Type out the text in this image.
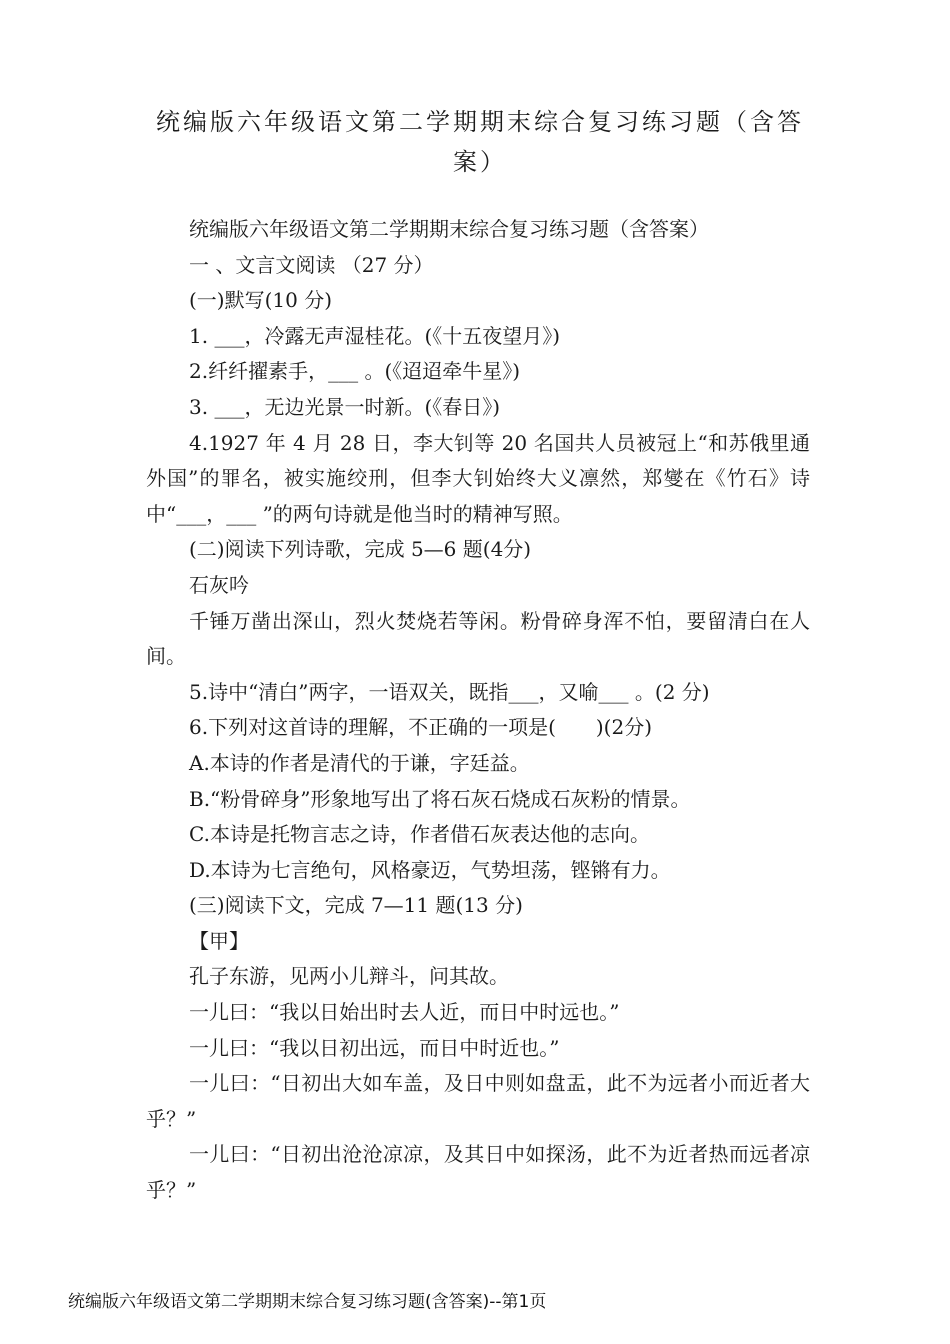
统编版六年级语文第二学期期末综合复习练习题（含答案）

统编版六年级语文第二学期期末综合复习练习题（含答案）

一 、文言文阅读 （27 分）

(一)默写(10 分)

1. ___，冷露无声湿桂花。(《十五夜望月》)

2.纤纤擢素手，___ 。(《迢迢牵牛星》)

3. ___，无边光景一时新。(《春日》)

4.1927 年 4 月 28 日，李大钊等 20 名国共人员被冠上“和苏俄里通外国”的罪名，被实施绞刑，但李大钊始终大义凛然，郑燮在《竹石》诗中“___，___ ”的两句诗就是他当时的精神写照。

(二)阅读下列诗歌，完成 5—6 题(4分)

石灰吟

千锤万凿出深山，烈火焚烧若等闲。粉骨碎身浑不怕，要留清白在人间。

5.诗中“清白”两字，一语双关，既指___，又喻___ 。(2 分)

6.下列对这首诗的理解，不正确的一项是(　　)(2分)

A.本诗的作者是清代的于谦，字廷益。

B.“粉骨碎身”形象地写出了将石灰石烧成石灰粉的情景。

C.本诗是托物言志之诗，作者借石灰表达他的志向。

D.本诗为七言绝句，风格豪迈，气势坦荡，铿锵有力。

(三)阅读下文，完成 7—11 题(13 分)

【甲】

孔子东游，见两小儿辩斗，问其故。

一儿曰：“我以日始出时去人近，而日中时远也。”

一儿曰：“我以日初出远，而日中时近也。”

一儿曰：“日初出大如车盖，及日中则如盘盂，此不为远者小而近者大乎？”

一儿曰：“日初出沧沧凉凉，及其日中如探汤，此不为近者热而远者凉乎？”

统编版六年级语文第二学期期末综合复习练习题(含答案)--第1页
